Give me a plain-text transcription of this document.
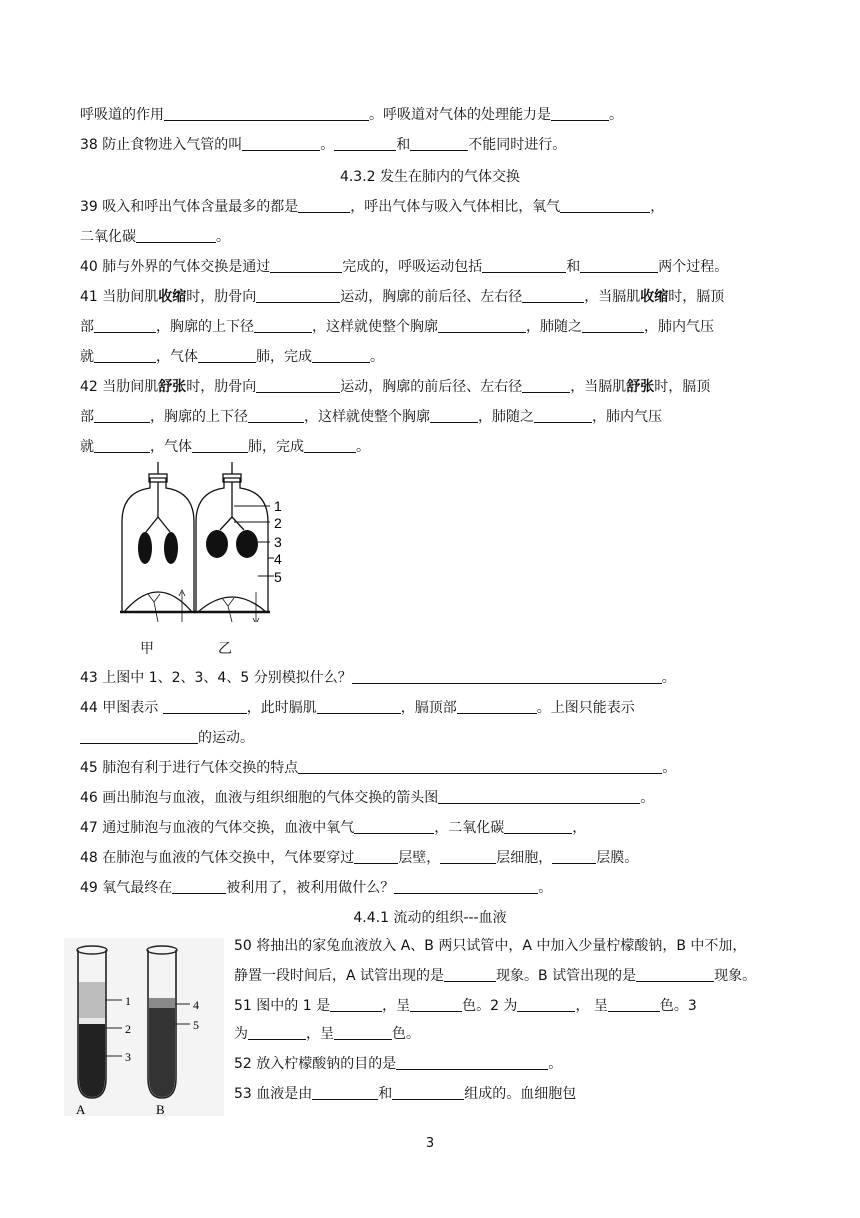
呼吸道的作用	。呼吸道对气体的处理能力是	。
38 防止食物进入气管的叫	。	和	不能同时进行。
4.3.2 发生在肺内的气体交换
39 吸入和呼出气体含量最多的都是	，呼出气体与吸入气体相比，氧气	，
二氧化碳	。
40 肺与外界的气体交换是通过	完成的，呼吸运动包括	和	两个过程。
41 当肋间肌收缩时，肋骨向	运动，胸廓的前后径、左右径	，当膈肌收缩时，膈顶
部	，胸廓的上下径	，这样就使整个胸廓	，肺随之	，肺内气压
就	，气体	肺，完成	。
42 当肋间肌舒张时，肋骨向	运动，胸廓的前后径、左右径	，当膈肌舒张时，膈顶
部	，胸廓的上下径	，这样就使整个胸廓	，肺随之	，肺内气压
就	，气体	肺，完成	。
1
2
3
4
5
甲	乙
43 上图中 1、2、3、4、5 分别模拟什么？	。
44 甲图表示	，此时膈肌	，膈顶部	。上图只能表示
的运动。
45 肺泡有利于进行气体交换的特点	。
46 画出肺泡与血液，血液与组织细胞的气体交换的箭头图	。
47 通过肺泡与血液的气体交换，血液中氧气	，二氧化碳	，
48 在肺泡与血液的气体交换中，气体要穿过	层壁，	层细胞，	层膜。
49 氧气最终在	被利用了，被利用做什么？	。
4.4.1 流动的组织---血液
1
2
3
4
5
A	B
50 将抽出的家兔血液放入 A、B 两只试管中，A 中加入少量柠檬酸钠，B 中不加，
静置一段时间后，A 试管出现的是	现象。B 试管出现的是	现象。
51 图中的 1 是	，呈	色。2 为	， 呈	色。3
为	，呈	色。
52 放入柠檬酸钠的目的是	。
53 血液是由	和	组成的。血细胞包
3
